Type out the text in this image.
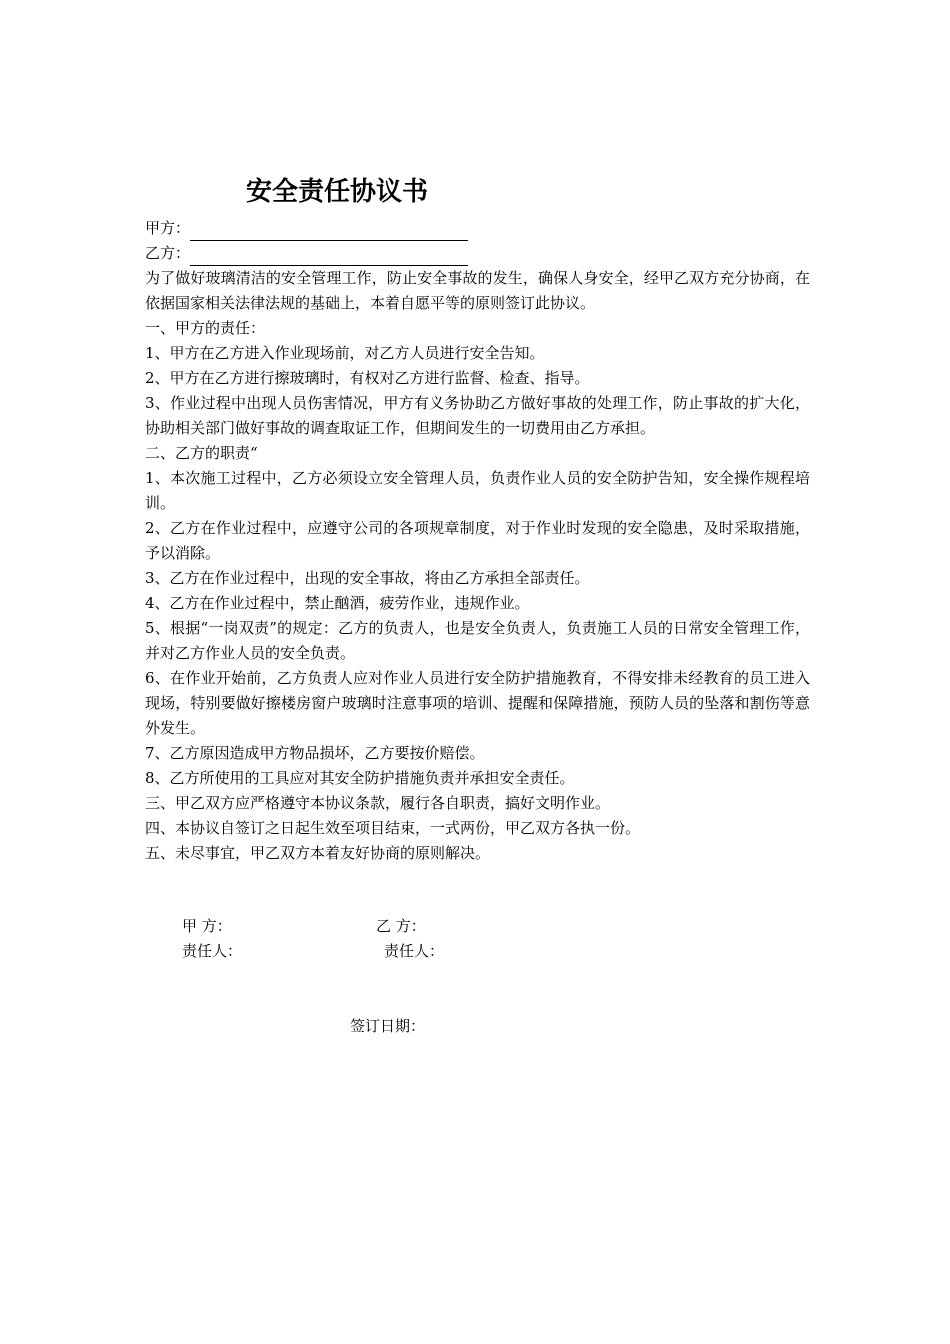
安全责任协议书

甲方：

乙方：

为了做好玻璃清洁的安全管理工作，防止安全事故的发生，确保人身安全，经甲乙双方充分协商，在依据国家相关法律法规的基础上，本着自愿平等的原则签订此协议。

一、甲方的责任：

1、甲方在乙方进入作业现场前，对乙方人员进行安全告知。

2、甲方在乙方进行擦玻璃时，有权对乙方进行监督、检查、指导。

3、作业过程中出现人员伤害情况，甲方有义务协助乙方做好事故的处理工作，防止事故的扩大化，协助相关部门做好事故的调查取证工作，但期间发生的一切费用由乙方承担。

二、乙方的职责“

1、本次施工过程中，乙方必须设立安全管理人员，负责作业人员的安全防护告知，安全操作规程培训。

2、乙方在作业过程中，应遵守公司的各项规章制度，对于作业时发现的安全隐患，及时采取措施，予以消除。

3、乙方在作业过程中，出现的安全事故，将由乙方承担全部责任。

4、乙方在作业过程中，禁止酗酒，疲劳作业，违规作业。

5、根据“一岗双责”的规定：乙方的负责人，也是安全负责人，负责施工人员的日常安全管理工作，并对乙方作业人员的安全负责。

6、在作业开始前，乙方负责人应对作业人员进行安全防护措施教育，不得安排未经教育的员工进入现场，特别要做好擦楼房窗户玻璃时注意事项的培训、提醒和保障措施，预防人员的坠落和割伤等意外发生。

7、乙方原因造成甲方物品损坏，乙方要按价赔偿。

8、乙方所使用的工具应对其安全防护措施负责并承担安全责任。

三、甲乙双方应严格遵守本协议条款，履行各自职责，搞好文明作业。

四、本协议自签订之日起生效至项目结束，一式两份，甲乙双方各执一份。

五、未尽事宜，甲乙双方本着友好协商的原则解决。

甲 方：	乙 方：
责任人：	责任人：
签订日期：
